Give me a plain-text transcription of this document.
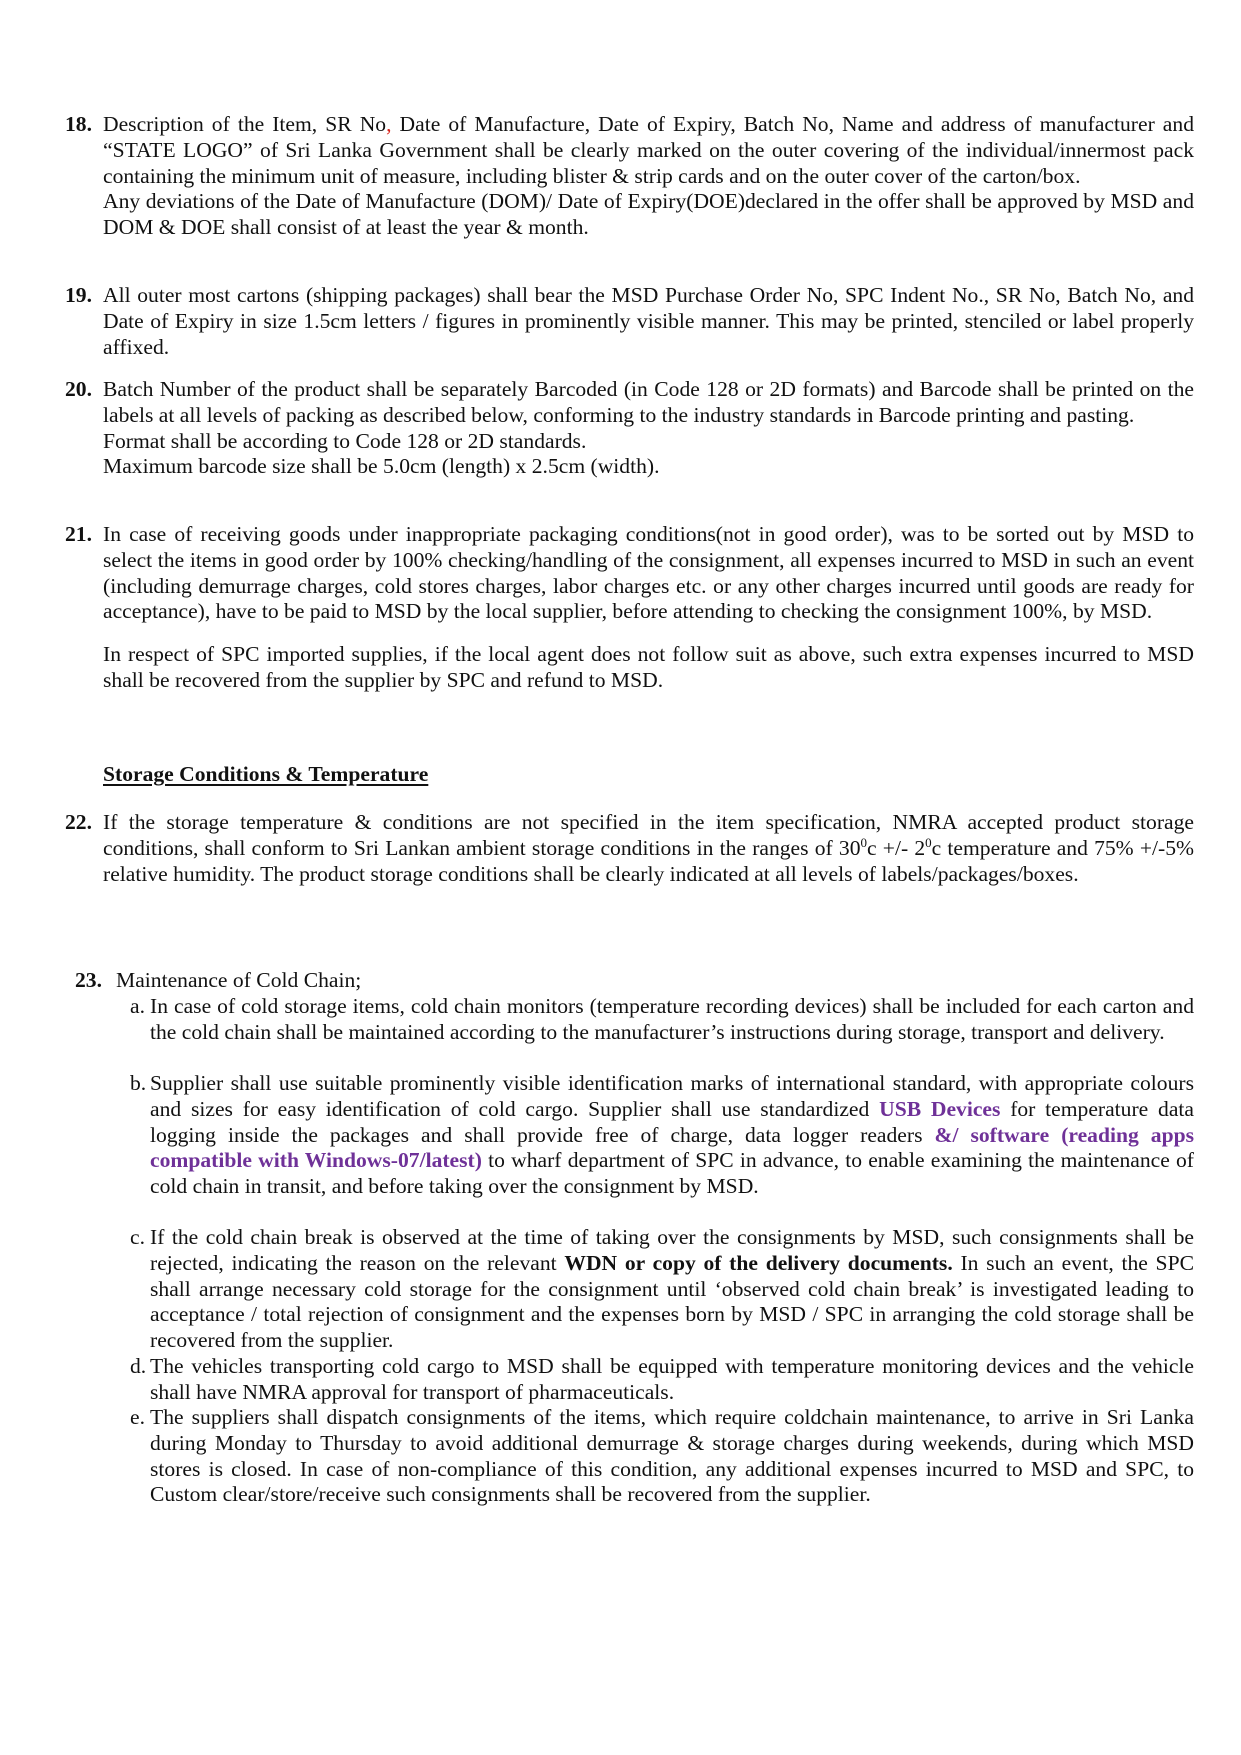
18. Description of the Item, SR No, Date of Manufacture, Date of Expiry, Batch No, Name and address of manufacturer and “STATE LOGO” of Sri Lanka Government shall be clearly marked on the outer covering of the individual/innermost pack containing the minimum unit of measure, including blister & strip cards and on the outer cover of the carton/box.

Any deviations of the Date of Manufacture (DOM)/ Date of Expiry(DOE)declared in the offer shall be approved by MSD and DOM & DOE shall consist of at least the year & month.

19. All outer most cartons (shipping packages) shall bear the MSD Purchase Order No, SPC Indent No., SR No, Batch No, and Date of Expiry in size 1.5cm letters / figures in prominently visible manner. This may be printed, stenciled or label properly affixed.

20. Batch Number of the product shall be separately Barcoded (in Code 128 or 2D formats) and Barcode shall be printed on the labels at all levels of packing as described below, conforming to the industry standards in Barcode printing and pasting.

Format shall be according to Code 128 or 2D standards.

Maximum barcode size shall be 5.0cm (length) x 2.5cm (width).

21. In case of receiving goods under inappropriate packaging conditions(not in good order), was to be sorted out by MSD to select the items in good order by 100% checking/handling of the consignment, all expenses incurred to MSD in such an event (including demurrage charges, cold stores charges, labor charges etc. or any other charges incurred until goods are ready for acceptance), have to be paid to MSD by the local supplier, before attending to checking the consignment 100%, by MSD.

In respect of SPC imported supplies, if the local agent does not follow suit as above, such extra expenses incurred to MSD shall be recovered from the supplier by SPC and refund to MSD.

Storage Conditions & Temperature
22. If the storage temperature & conditions are not specified in the item specification, NMRA accepted product storage conditions, shall conform to Sri Lankan ambient storage conditions in the ranges of $30^0c$ +/- $2^0c$ temperature and 75% +/-5% relative humidity. The product storage conditions shall be clearly indicated at all levels of labels/packages/boxes.

23. Maintenance of Cold Chain;
a. In case of cold storage items, cold chain monitors (temperature recording devices) shall be included for each carton and the cold chain shall be maintained according to the manufacturer’s instructions during storage, transport and delivery.

b. Supplier shall use suitable prominently visible identification marks of international standard, with appropriate colours and sizes for easy identification of cold cargo. Supplier shall use standardized USB Devices for temperature data logging inside the packages and shall provide free of charge, data logger readers &/ software (reading apps compatible with Windows-07/latest) to wharf department of SPC in advance, to enable examining the maintenance of cold chain in transit, and before taking over the consignment by MSD.

c. If the cold chain break is observed at the time of taking over the consignments by MSD, such consignments shall be rejected, indicating the reason on the relevant WDN or copy of the delivery documents. In such an event, the SPC shall arrange necessary cold storage for the consignment until ‘observed cold chain break’ is investigated leading to acceptance / total rejection of consignment and the expenses born by MSD / SPC in arranging the cold storage shall be recovered from the supplier.

d. The vehicles transporting cold cargo to MSD shall be equipped with temperature monitoring devices and the vehicle shall have NMRA approval for transport of pharmaceuticals.

e. The suppliers shall dispatch consignments of the items, which require coldchain maintenance, to arrive in Sri Lanka during Monday to Thursday to avoid additional demurrage & storage charges during weekends, during which MSD stores is closed. In case of non-compliance of this condition, any additional expenses incurred to MSD and SPC, to Custom clear/store/receive such consignments shall be recovered from the supplier.
